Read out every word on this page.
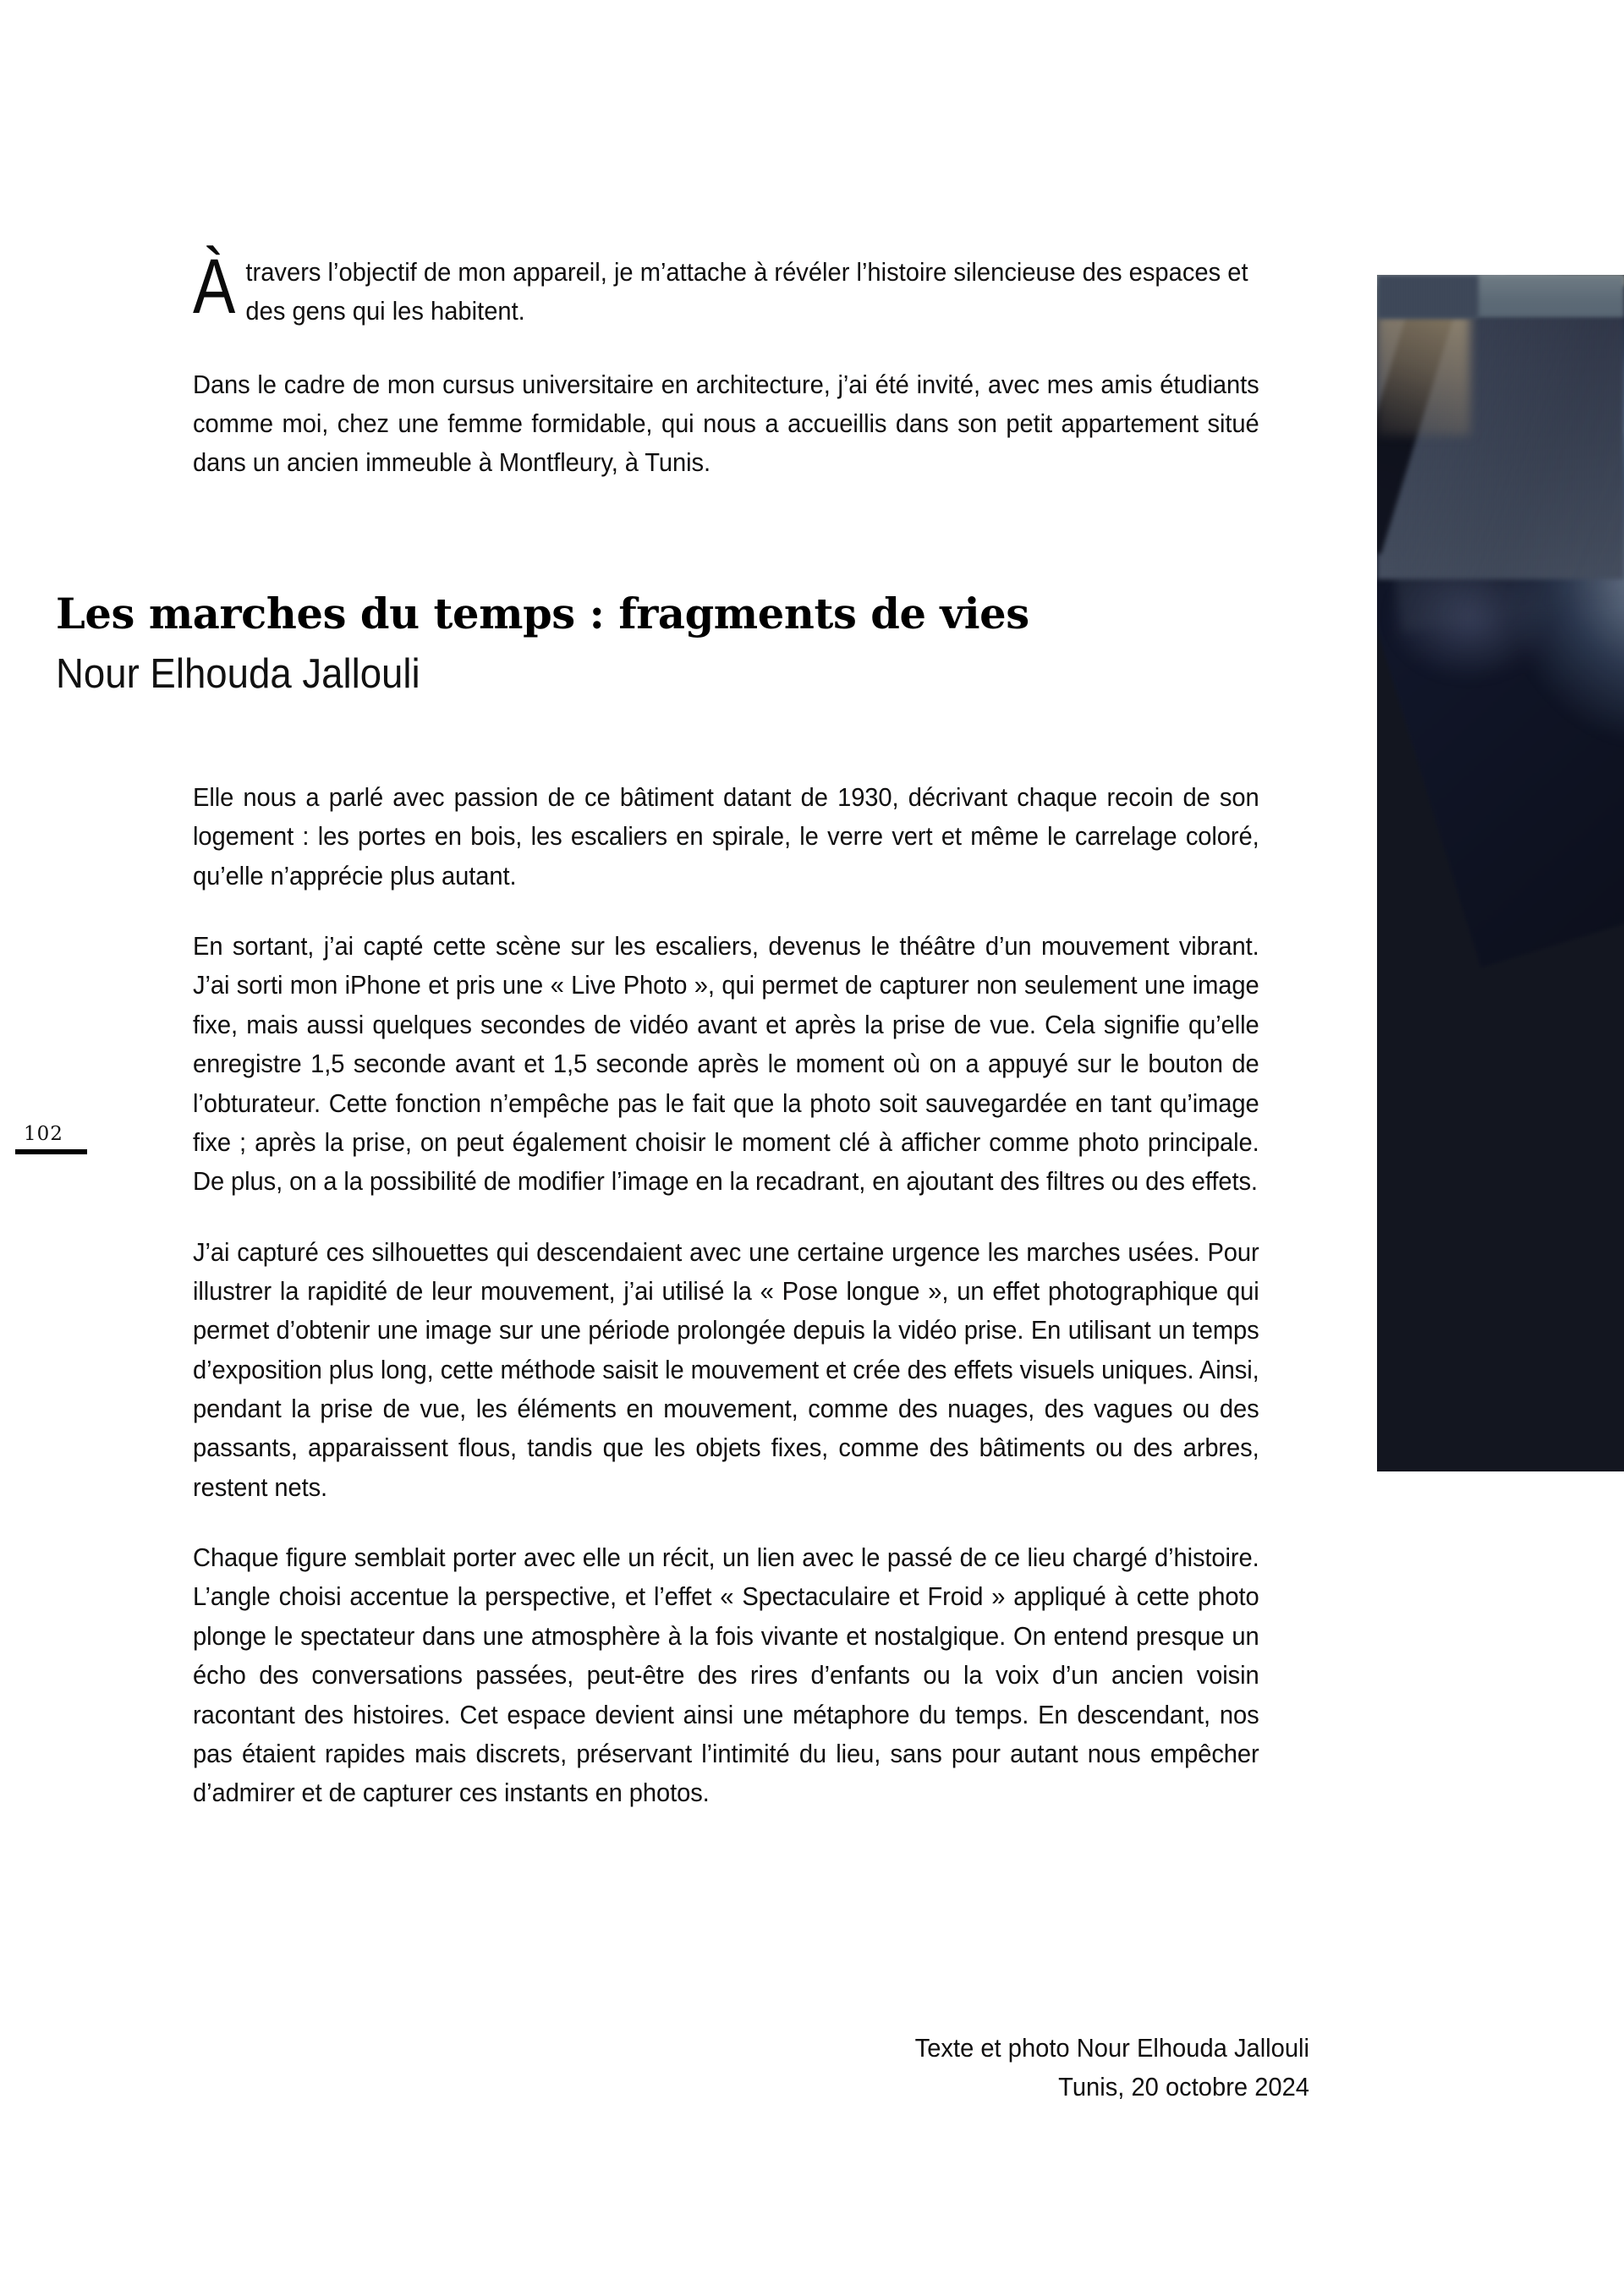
102
À travers l’objectif de mon appareil, je m’attache à révéler l’histoire silencieuse des espaces et des gens qui les habitent.

Dans le cadre de mon cursus universitaire en architecture, j’ai été invité, avec mes amis étudiants comme moi, chez une femme formidable, qui nous a accueillis dans son petit appartement situé dans un ancien immeuble à Montfleury, à Tunis.

Les marches du temps : fragments de vies
Nour Elhouda Jallouli

Elle nous a parlé avec passion de ce bâtiment datant de 1930, décrivant chaque recoin de son logement : les portes en bois, les escaliers en spirale, le verre vert et même le carrelage coloré, qu’elle n’apprécie plus autant.

En sortant, j’ai capté cette scène sur les escaliers, devenus le théâtre d’un mouvement vibrant. J’ai sorti mon iPhone et pris une « Live Photo », qui permet de capturer non seulement une image fixe, mais aussi quelques secondes de vidéo avant et après la prise de vue. Cela signifie qu’elle enregistre 1,5 seconde avant et 1,5 seconde après le moment où on a appuyé sur le bouton de l’obturateur. Cette fonction n’empêche pas le fait que la photo soit sauvegardée en tant qu’image fixe ; après la prise, on peut également choisir le moment clé à afficher comme photo principale. De plus, on a la possibilité de modifier l’image en la recadrant, en ajoutant des filtres ou des effets.

J’ai capturé ces silhouettes qui descendaient avec une certaine urgence les marches usées. Pour illustrer la rapidité de leur mouvement, j’ai utilisé la « Pose longue », un effet photographique qui permet d’obtenir une image sur une période prolongée depuis la vidéo prise. En utilisant un temps d’exposition plus long, cette méthode saisit le mouvement et crée des effets visuels uniques. Ainsi, pendant la prise de vue, les éléments en mouvement, comme des nuages, des vagues ou des passants, apparaissent flous, tandis que les objets fixes, comme des bâtiments ou des arbres, restent nets.

Chaque figure semblait porter avec elle un récit, un lien avec le passé de ce lieu chargé d’histoire. L’angle choisi accentue la perspective, et l’effet « Spectaculaire et Froid » appliqué à cette photo plonge le spectateur dans une atmosphère à la fois vivante et nostalgique. On entend presque un écho des conversations passées, peut-être des rires d’enfants ou la voix d’un ancien voisin racontant des histoires. Cet espace devient ainsi une métaphore du temps. En descendant, nos pas étaient rapides mais discrets, préservant l’intimité du lieu, sans pour autant nous empêcher d’admirer et de capturer ces instants en photos.

Texte et photo Nour Elhouda Jallouli
Tunis, 20 octobre 2024
